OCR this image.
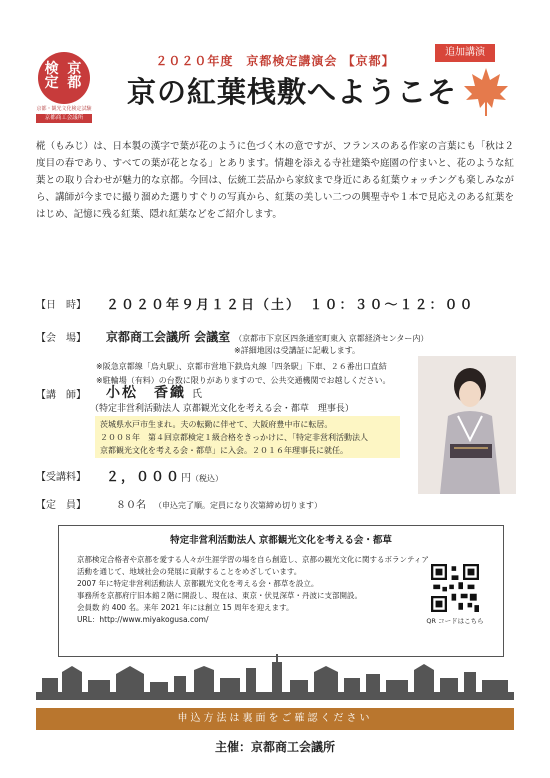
検 京
定 都
京都・観光文化検定試験
京都商工会議所
２０２０年度　京都検定講演会 【京都】
追加講演
京の紅葉桟敷へようこそ
椛（もみじ）は、日本製の漢字で葉が花のように色づく木の意ですが、フランスのある作家の言葉にも「秋は２度目の春であり、すべての葉が花となる」とあります。情趣を添える寺社建築や庭園の佇まいと、花のような紅葉との取り合わせが魅力的な京都。今回は、伝統工芸品から家紋まで身近にある紅葉ウォッチングも楽しみながら、講師が今までに撮り溜めた選りすぐりの写真から、紅葉の美しい二つの興聖寺や１本で見応えのある紅葉をはじめ、記憶に残る紅葉、隠れ紅葉などをご紹介します。
【日　時】 ２０２０年９月１２日（土）　１０：３０～１２：００
【会　場】 京都商工会議所 会議室 （京都市下京区四条通室町東入 京都経済センター内）
※詳細地図は受講証に記載します。
※阪急京都線「烏丸駅」、京都市営地下鉄烏丸線「四条駅」下車、２６番出口直結
※駐輪場（有料）の台数に限りがありますので、公共交通機関でお越しください。
【講　師】 小松　香織 氏
（特定非営利活動法人 京都観光文化を考える会・都草　理事長）

茨城県水戸市生まれ。夫の転勤に伴せて、大阪府豊中市に転居。

２００８年　第４回京都検定１級合格をきっかけに、「特定非営利活動法人

京都観光文化を考える会・都草」に入会。２０１６年理事長に就任。

【受講料】 ２，０００円（税込）
【定　員】	８０名 （申込完了順。定員になり次第締め切ります）
特定非営利活動法人 京都観光文化を考える会・都草

京都検定合格者や京都を愛する人々が生涯学習の場を自ら創造し、京都の観光文化に関するボランティア

活動を通じて、地域社会の発展に貢献することをめざしています。

2007 年に特定非営利活動法人 京都観光文化を考える会・都草を設立。

事務所を京都府庁旧本館２階に開設し、現在は、東京・伏見深草・丹波に支部開設。

会員数 約 400 名。来年 2021 年には創立 15 周年を迎えます。

URL：http://www.miyakogusa.com/	QR コードはこちら
申込方法は裏面をご確認ください
主催：京都商工会議所
